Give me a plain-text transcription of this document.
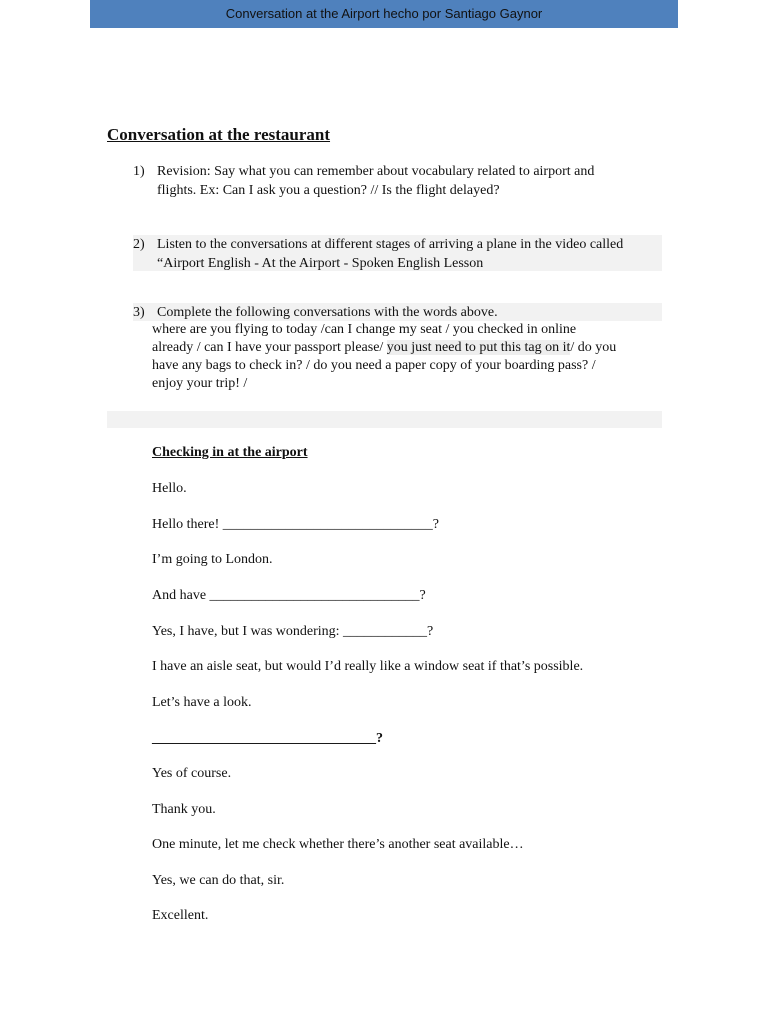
Conversation at the Airport hecho por Santiago Gaynor
Conversation at the restaurant
1) Revision: Say what you can remember about vocabulary related to airport and
flights. Ex: Can I ask you a question? // Is the flight delayed?
2) Listen to the conversations at different stages of arriving a plane in the video called
“Airport English - At the Airport - Spoken English Lesson
3) Complete the following conversations with the words above.
where are you flying to today /can I change my seat / you checked in online
already / can I have your passport please/ you just need to put this tag on it/ do you
have any bags to check in? / do you need a paper copy of your boarding pass? /
enjoy your trip! /
Checking in at the airport
Hello.
Hello there! ______________________________?
I’m going to London.
And have ______________________________?
Yes, I have, but I was wondering: ____________?
I have an aisle seat, but would I’d really like a window seat if that’s possible.
Let’s have a look.
________________________________?
Yes of course.
Thank you.
One minute, let me check whether there’s another seat available…
Yes, we can do that, sir.
Excellent.
